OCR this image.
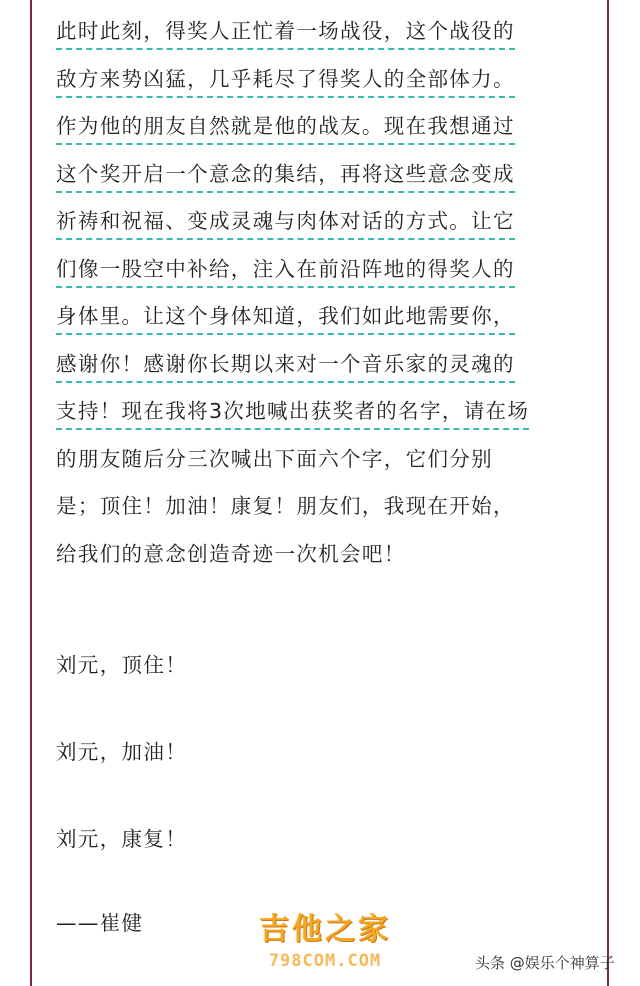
此时此刻，得奖人正忙着一场战役，这个战役的
敌方来势凶猛，几乎耗尽了得奖人的全部体力。
作为他的朋友自然就是他的战友。现在我想通过
这个奖开启一个意念的集结，再将这些意念变成
祈祷和祝福、变成灵魂与肉体对话的方式。让它
们像一股空中补给，注入在前沿阵地的得奖人的
身体里。让这个身体知道，我们如此地需要你，
感谢你！感谢你长期以来对一个音乐家的灵魂的
支持！现在我将3次地喊出获奖者的名字，请在场
的朋友随后分三次喊出下面六个字，它们分别
是；顶住！加油！康复！朋友们，我现在开始，
给我们的意念创造奇迹一次机会吧！
刘元，顶住！
刘元，加油！
刘元，康复！
——崔健	吉他之家
798COM.COM	头条 @娱乐个神算子
